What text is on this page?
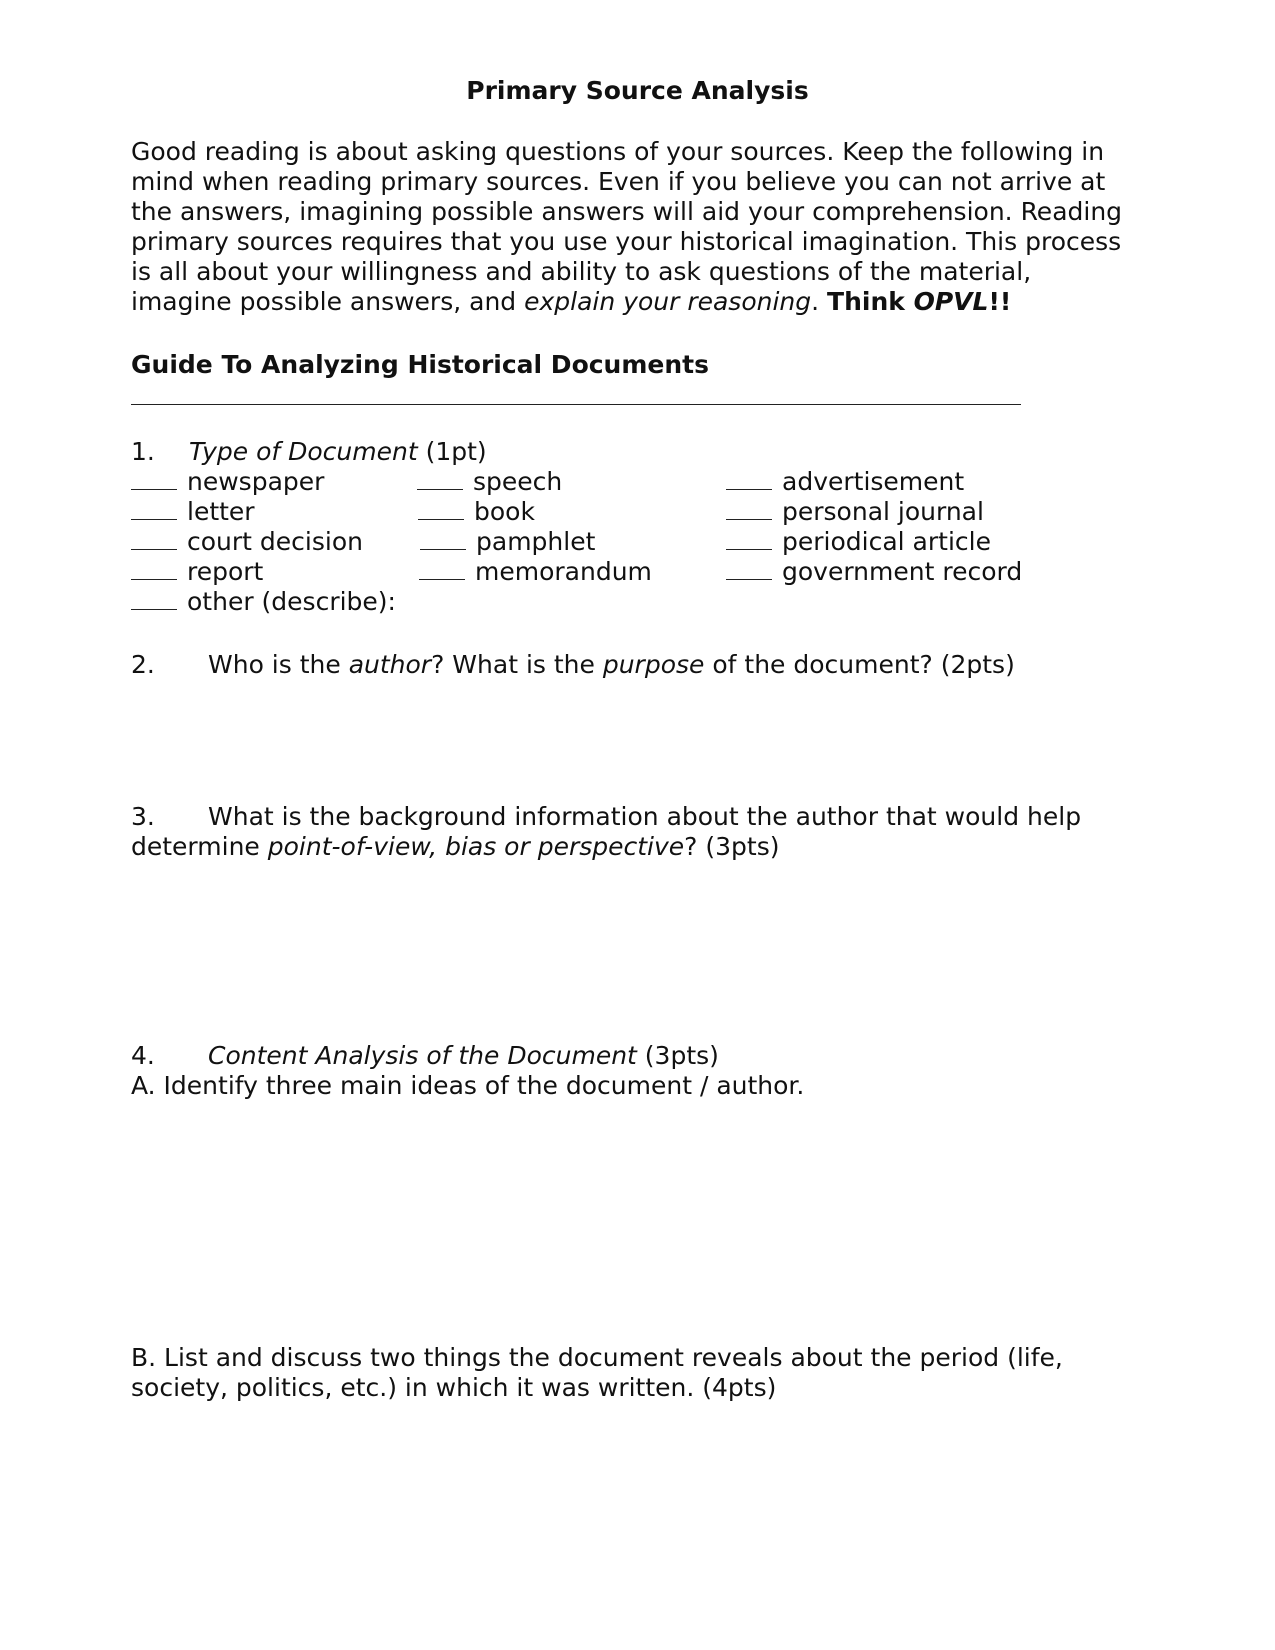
Primary Source Analysis
Good reading is about asking questions of your sources. Keep the following in
mind when reading primary sources. Even if you believe you can not arrive at
the answers, imagining possible answers will aid your comprehension. Reading
primary sources requires that you use your historical imagination. This process
is all about your willingness and ability to ask questions of the material,
imagine possible answers, and explain your reasoning. Think OPVL!!
Guide To Analyzing Historical Documents
1. Type of Document (1pt)
newspaper
letter
court decision
report
other (describe):
speech
book
pamphlet
memorandum
advertisement
personal journal
periodical article
government record
2. Who is the author? What is the purpose of the document? (2pts)
3. What is the background information about the author that would help
determine point-of-view, bias or perspective? (3pts)
4. Content Analysis of the Document (3pts)
A. Identify three main ideas of the document / author.
B. List and discuss two things the document reveals about the period (life,
society, politics, etc.) in which it was written. (4pts)
